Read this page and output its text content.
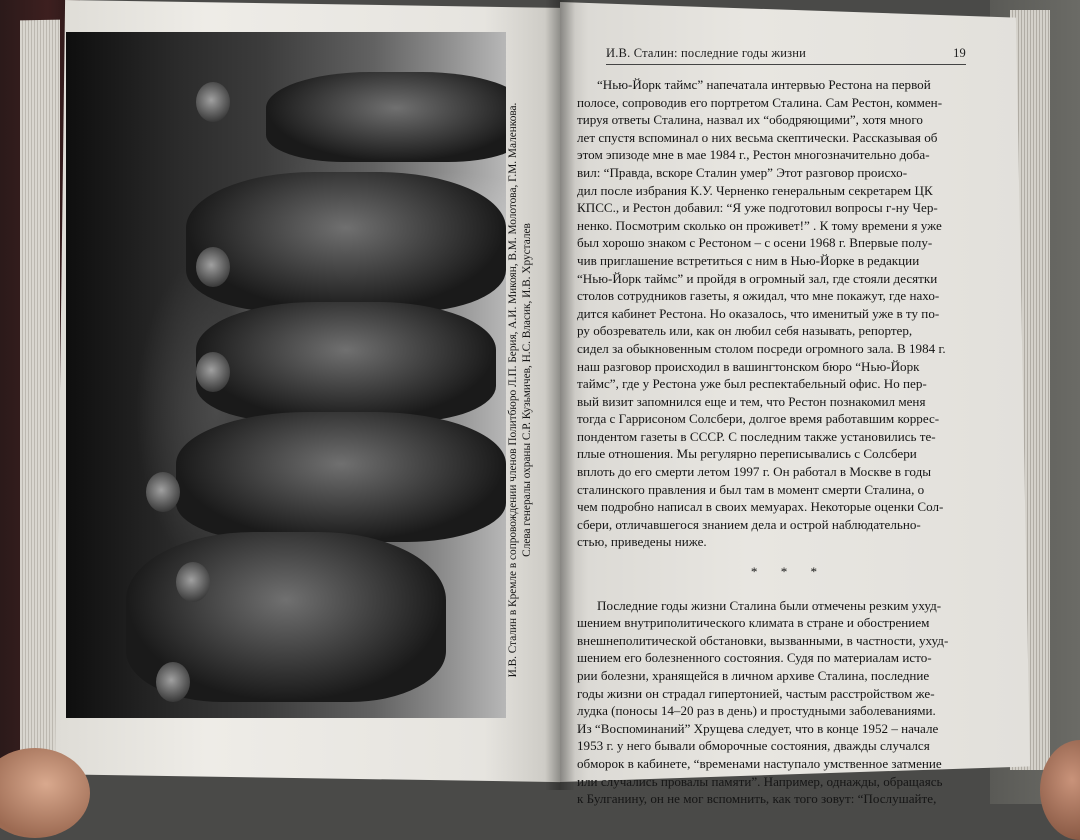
И.В. Сталин в Кремле в сопровождении членов Политбюро Л.П. Берия, А.И. Микоян, В.М. Молотова, Г.М. Маленкова. Слева генералы охраны С.Р. Кузьмичев, Н.С. Власик, И.В. Хрусталев
И.В. Сталин: последние годы жизни	19
“Нью-Йорк таймс” напечатала интервью Рестона на первой
полосе, сопроводив его портретом Сталина. Сам Рестон, коммен-
тируя ответы Сталина, назвал их “ободряющими”, хотя много
лет спустя вспоминал о них весьма скептически. Рассказывая об
этом эпизоде мне в мае 1984 г., Рестон многозначительно доба-
вил: “Правда, вскоре Сталин умер” Этот разговор происхо-
дил после избрания К.У. Черненко генеральным секретарем ЦК
КПСС., и Рестон добавил: “Я уже подготовил вопросы г-ну Чер-
ненко. Посмотрим сколько он проживет!” . К тому времени я уже
был хорошо знаком с Рестоном – с осени 1968 г. Впервые полу-
чив приглашение встретиться с ним в Нью-Йорке в редакции
“Нью-Йорк таймс” и пройдя в огромный зал, где стояли десятки
столов сотрудников газеты, я ожидал, что мне покажут, где нахо-
дится кабинет Рестона. Но оказалось, что именитый уже в ту по-
ру обозреватель или, как он любил себя называть, репортер,
сидел за обыкновенным столом посреди огромного зала. В 1984 г.
наш разговор происходил в вашингтонском бюро “Нью-Йорк
таймс”, где у Рестона уже был респектабельный офис. Но пер-
вый визит запомнился еще и тем, что Рестон познакомил меня
тогда с Гаррисоном Солсбери, долгое время работавшим коррес-
пондентом газеты в СССР. С последним также установились те-
плые отношения. Мы регулярно переписывались с Солсбери
вплоть до его смерти летом 1997 г. Он работал в Москве в годы
сталинского правления и был там в момент смерти Сталина, о
чем подробно написал в своих мемуарах. Некоторые оценки Сол-
сбери, отличавшегося знанием дела и острой наблюдательно-
стью, приведены ниже.
* * *
Последние годы жизни Сталина были отмечены резким ухуд-
шением внутриполитического климата в стране и обострением
внешнеполитической обстановки, вызванными, в частности, ухуд-
шением его болезненного состояния. Судя по материалам исто-
рии болезни, хранящейся в личном архиве Сталина, последние
годы жизни он страдал гипертонией, частым расстройством же-
лудка (поносы 14–20 раз в день) и простудными заболеваниями.
Из “Воспоминаний” Хрущева следует, что в конце 1952 – начале
1953 г. у него бывали обморочные состояния, дважды случался
обморок в кабинете, “временами наступало умственное затмение
или случались провалы памяти”. Например, однажды, обращаясь
к Булганину, он не мог вспомнить, как того зовут: “Послушайте,
